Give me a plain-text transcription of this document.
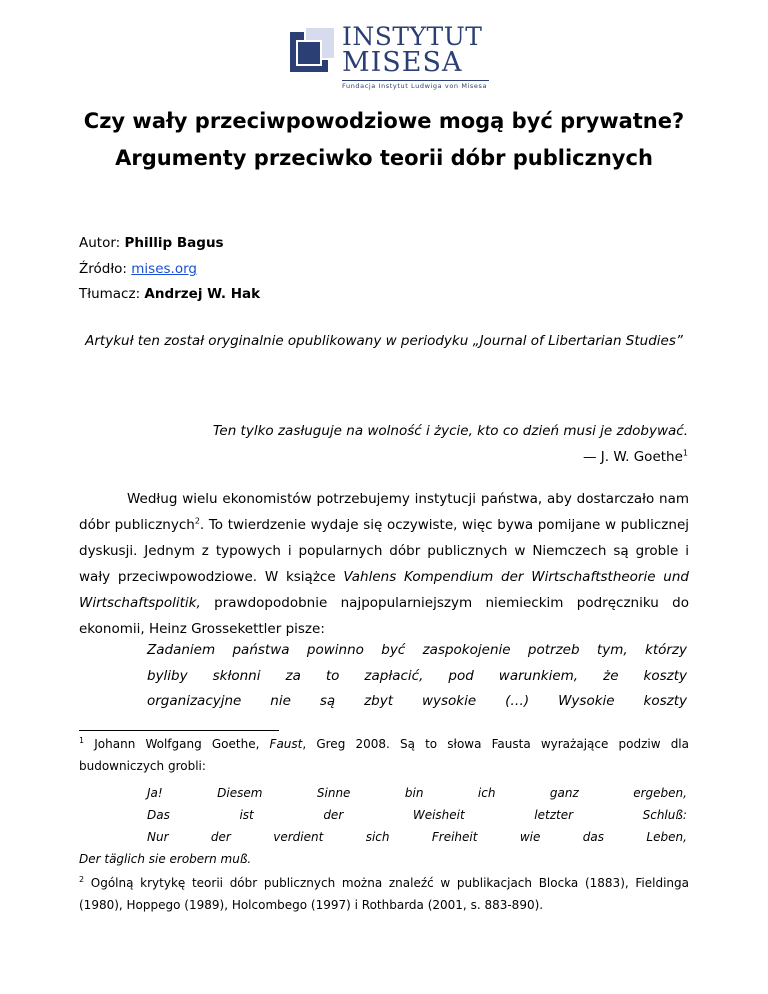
INSTYTUT
MISESA
Fundacja Instytut Ludwiga von Misesa
Czy wały przeciwpowodziowe mogą być prywatne? Argumenty przeciwko teorii dóbr publicznych
Autor: Phillip Bagus
Źródło: mises.org
Tłumacz: Andrzej W. Hak
Artykuł ten został oryginalnie opublikowany w periodyku „Journal of Libertarian Studies”
Ten tylko zasługuje na wolność i życie, kto co dzień musi je zdobywać.
— J. W. Goethe$^1$

Według wielu ekonomistów potrzebujemy instytucji państwa, aby dostarczało nam dóbr publicznych$^2$. To twierdzenie wydaje się oczywiste, więc bywa pomijane w publicznej dyskusji. Jednym z typowych i popularnych dóbr publicznych w Niemczech są groble i wały przeciwpowodziowe. W książce Vahlens Kompendium der Wirtschaftstheorie und Wirtschaftspolitik, prawdopodobnie najpopularniejszym niemieckim podręczniku do ekonomii, Heinz Grossekettler pisze:

Zadaniem państwa powinno być zaspokojenie potrzeb tym, którzy
byliby skłonni za to zapłacić, pod warunkiem, że koszty
organizacyjne nie są zbyt wysokie (…) Wysokie koszty
$^1$ Johann Wolfgang Goethe, Faust, Greg 2008. Są to słowa Fausta wyrażające podziw dla budowniczych grobli:
Ja!	Diesem	Sinne	bin	ich	ganz	ergeben,
Das	ist	der	Weisheit	letzter	Schluß:
Nur	der	verdient	sich	Freiheit	wie	das	Leben,
Der täglich sie erobern muß.
$^2$ Ogólną krytykę teorii dóbr publicznych można znaleźć w publikacjach Blocka (1883), Fieldinga (1980), Hoppego (1989), Holcombego (1997) i Rothbarda (2001, s. 883-890).
